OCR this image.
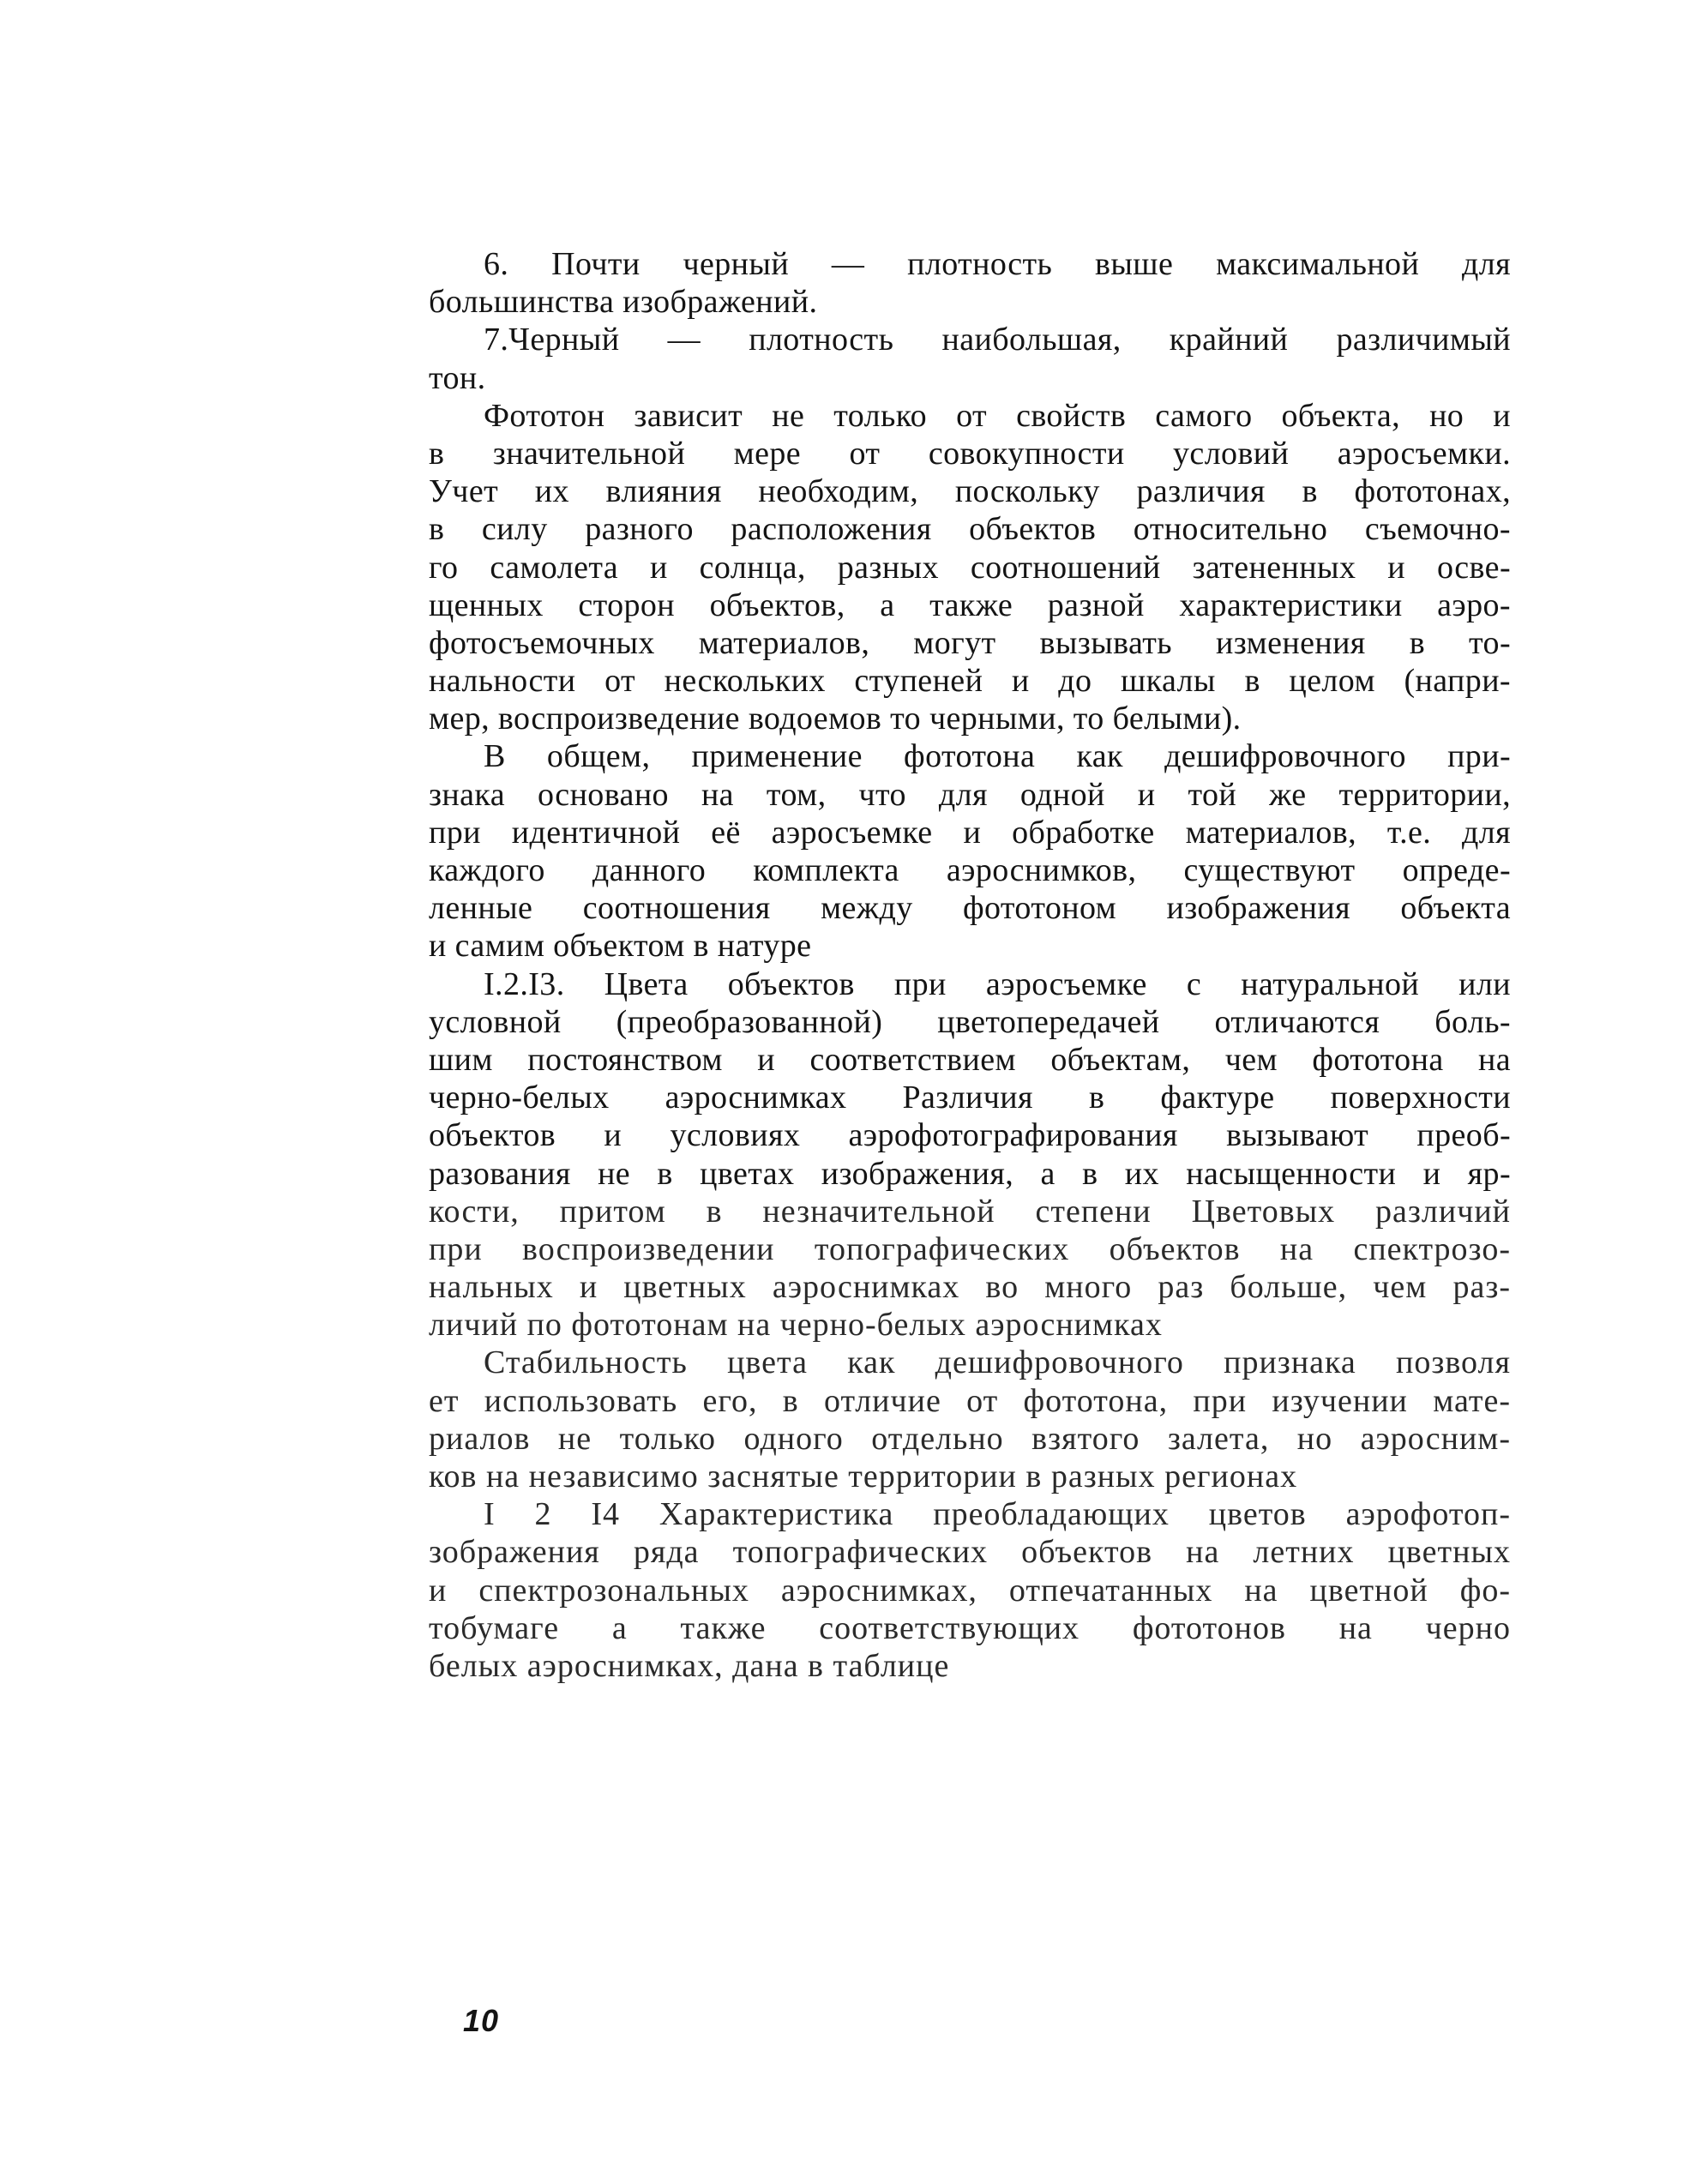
6. Почти черный — плотность выше максимальной для
большинства изображений.
7.Черный — плотность наибольшая, крайний различимый
тон.
Фототон зависит не только от свойств самого объекта, но и
в значительной мере от совокупности условий аэросъемки.
Учет их влияния необходим, поскольку различия в фототонах,
в силу разного расположения объектов относительно съемочно-
го самолета и солнца, разных соотношений затененных и осве-
щенных сторон объектов, а также разной характеристики аэро-
фотосъемочных материалов, могут вызывать изменения в то-
нальности от нескольких ступеней и до шкалы в целом (напри-
мер, воспроизведение водоемов то черными, то белыми).
В общем, применение фототона как дешифровочного при-
знака основано на том, что для одной и той же территории,
при идентичной её аэросъемке и обработке материалов, т.е. для
каждого данного комплекта аэроснимков, существуют опреде-
ленные соотношения между фототоном изображения объекта
и самим объектом в натуре
I.2.I3. Цвета объектов при аэросъемке с натуральной или
условной (преобразованной) цветопередачей отличаются боль-
шим постоянством и соответствием объектам, чем фототона на
черно-белых аэроснимках Различия в фактуре поверхности
объектов и условиях аэрофотографирования вызывают преоб-
разования не в цветах изображения, а в их насыщенности и яр-
кости, притом в незначительной степени Цветовых различий
при воспроизведении топографических объектов на спектрозо-
нальных и цветных аэроснимках во много раз больше, чем раз-
личий по фототонам на черно-белых аэроснимках
Стабильность цвета как дешифровочного признака позволя
ет использовать его, в отличие от фототона, при изучении мате-
риалов не только одного отдельно взятого залета, но аэросним-
ков на независимо заснятые территории в разных регионах
I 2 I4 Характеристика преобладающих цветов аэрофотоп-
зображения ряда топографических объектов на летних цветных
и спектрозональных аэроснимках, отпечатанных на цветной фо-
тобумаге а также соответствующих фототонов на черно
белых аэроснимках, дана в таблице
10
